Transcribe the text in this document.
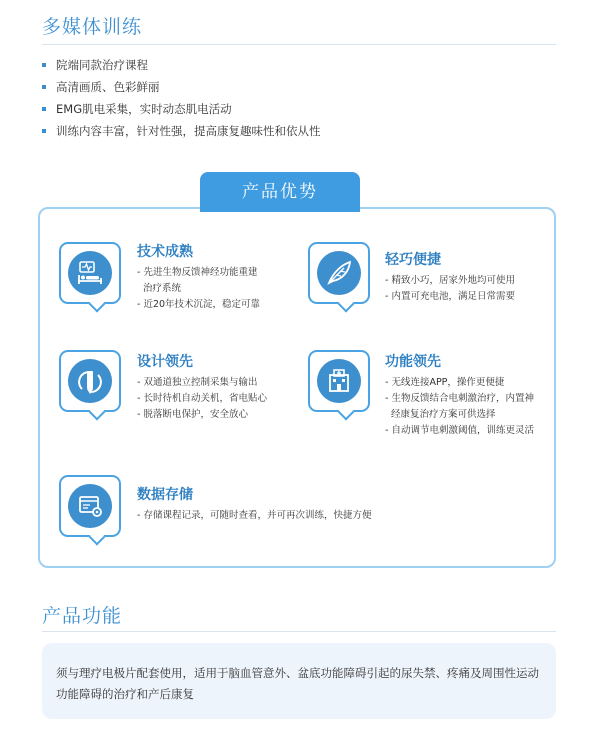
多媒体训练
院端同款治疗课程
高清画质、色彩鲜丽
EMG肌电采集，实时动态肌电活动
训练内容丰富，针对性强，提高康复趣味性和依从性
产品优势
技术成熟
- 先进生物反馈神经功能重建
治疗系统
- 近20年技术沉淀，稳定可靠
轻巧便捷
- 精致小巧，居家外地均可使用
- 内置可充电池，满足日常需要
设计领先
- 双通道独立控制采集与输出
- 长时待机自动关机，省电贴心
- 脱落断电保护，安全放心
功能领先
- 无线连接APP，操作更便捷
- 生物反馈结合电刺激治疗，内置神
经康复治疗方案可供选择
- 自动调节电刺激阈值，训练更灵活
数据存储
- 存储课程记录，可随时查看，并可再次训练，快捷方便
产品功能
须与理疗电极片配套使用，适用于脑血管意外、盆底功能障碍引起的尿失禁、疼痛及周围性运动功能障碍的治疗和产后康复
